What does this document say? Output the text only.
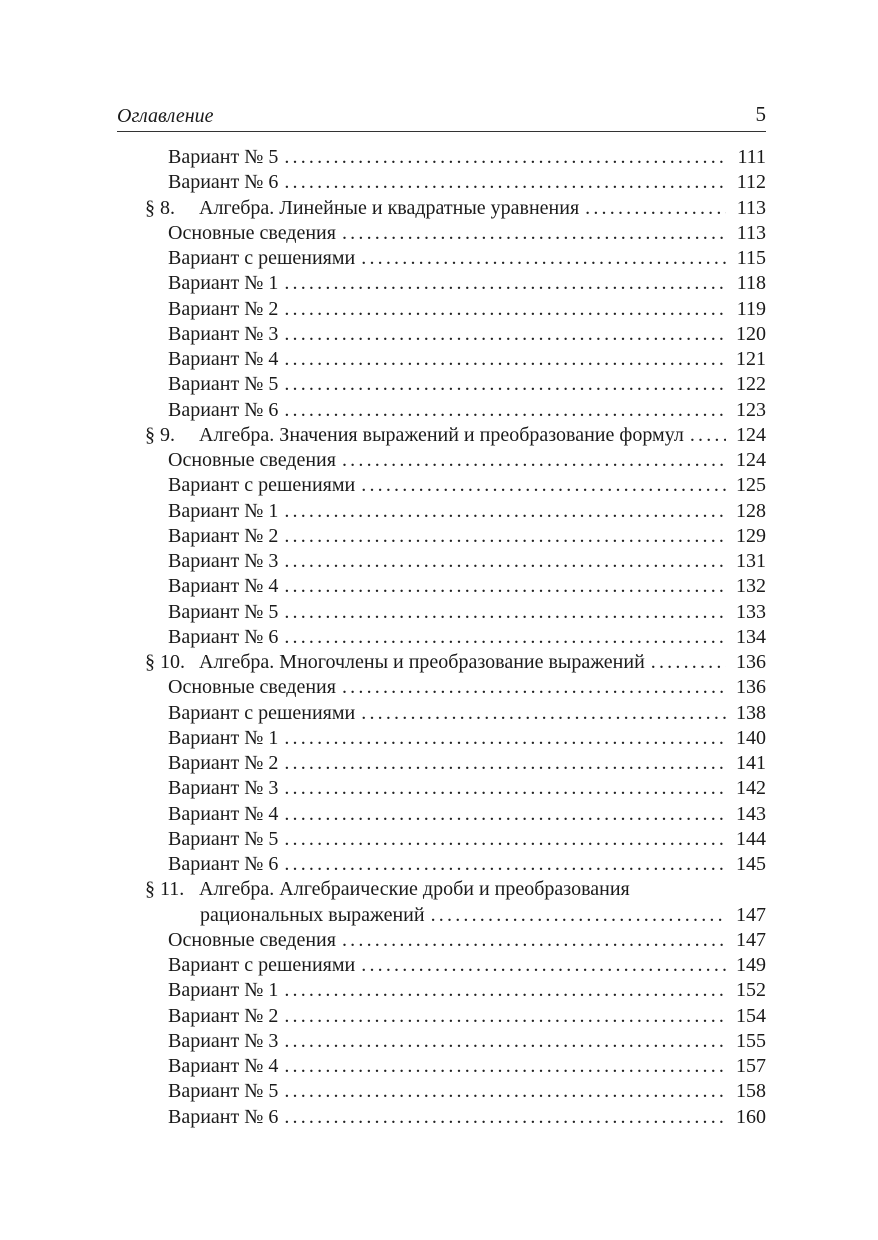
Оглавление	5
Вариант № 5 . . .	111
Вариант № 6 . . .	112
§ 8.	Алгебра. Линейные и квадратные уравнения . . .	113
Основные сведения . . .	113
Вариант с решениями . . .	115
Вариант № 1 . . .	118
Вариант № 2 . . .	119
Вариант № 3 . . .	120
Вариант № 4 . . .	121
Вариант № 5 . . .	122
Вариант № 6 . . .	123
§ 9.	Алгебра. Значения выражений и преобразование формул . . .	124
Основные сведения . . .	124
Вариант с решениями . . .	125
Вариант № 1 . . .	128
Вариант № 2 . . .	129
Вариант № 3 . . .	131
Вариант № 4 . . .	132
Вариант № 5 . . .	133
Вариант № 6 . . .	134
§ 10. Алгебра. Многочлены и преобразование выражений . . .	136
Основные сведения . . .	136
Вариант с решениями . . .	138
Вариант № 1 . . .	140
Вариант № 2 . . .	141
Вариант № 3 . . .	142
Вариант № 4 . . .	143
Вариант № 5 . . .	144
Вариант № 6 . . .	145
§ 11. Алгебра. Алгебраические дроби и преобразования
рациональных выражений . . .	147
Основные сведения . . .	147
Вариант с решениями . . .	149
Вариант № 1 . . .	152
Вариант № 2 . . .	154
Вариант № 3 . . .	155
Вариант № 4 . . .	157
Вариант № 5 . . .	158
Вариант № 6 . . .	160
